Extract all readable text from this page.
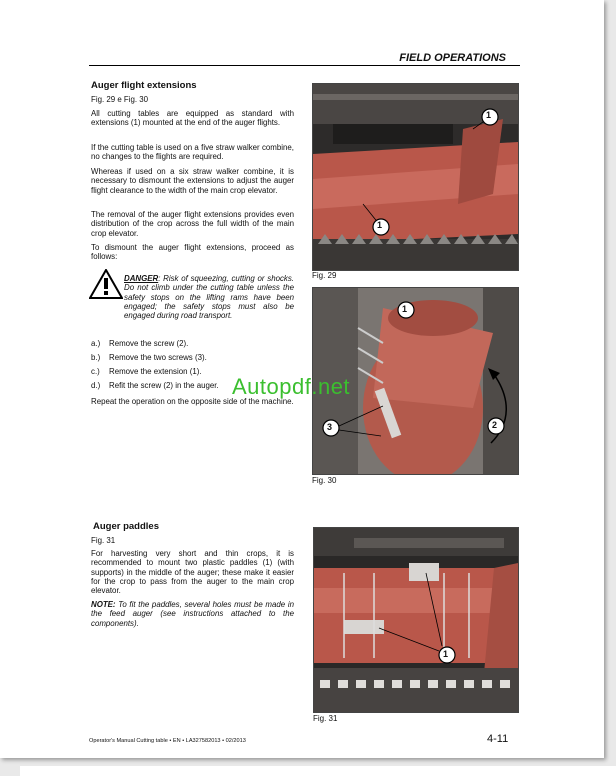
FIELD OPERATIONS
Auger flight extensions
Fig. 29 e Fig. 30

All cutting tables are equipped as standard with extensions (1) mounted at the end of the auger flights.

If the cutting table is used on a five straw walker combine, no changes to the flights are required.

Whereas if used on a six straw walker combine, it is necessary to dismount the extensions to adjust the auger flight clearance to the width of the main crop elevator.

The removal of the auger flight extensions provides even distribution of the crop across the full width of the main crop elevator.

To dismount the auger flight extensions, proceed as follows:

DANGER: Risk of squeezing, cutting or shocks. Do not climb under the cutting table unless the safety stops on the lifting rams have been engaged; the safety stops must also be engaged during road transport.
a.)	Remove the screw (2).
b.)	Remove the two screws (3).
c.)	Remove the extension (1).
d.)	Refit the screw (2) in the auger.

Repeat the operation on the opposite side of the machine.

1
1
Fig. 29
1
2
3
Fig. 30
Auger paddles
Fig. 31

For harvesting very short and thin crops, it is recommended to mount two plastic paddles (1) (with supports) in the middle of the auger; these make it easier for the crop to pass from the auger to the main crop elevator.

NOTE: To fit the paddles, several holes must be made in the feed auger (see instructions attached to the components).
1
Fig. 31
Autopdf.net
Operator's Manual Cutting table • EN • LA327582013 • 02/2013	4-11
